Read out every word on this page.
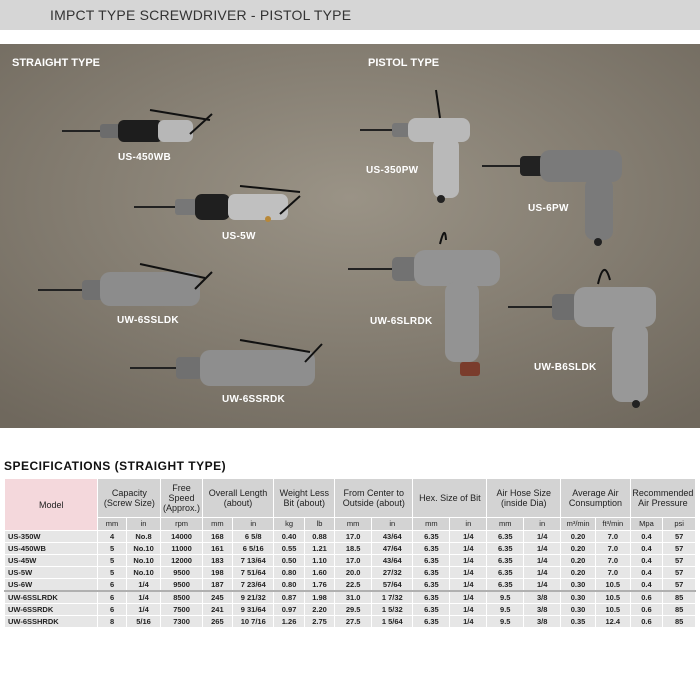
IMPCT TYPE SCREWDRIVER - PISTOL TYPE
STRAIGHT TYPE	PISTOL TYPE
US-450WB
US-5W
UW-6SSLDK
UW-6SSRDK
US-350PW
US-6PW
UW-6SLRDK
UW-B6SLDK
SPECIFICATIONS (STRAIGHT TYPE)
Model	Capacity (Screw Size)		Free Speed (Approx.)	Overall Length (about)		Weight Less Bit (about)		From Center to Outside (about)		Hex. Size of Bit		Air Hose Size (inside Dia)		Average Air Consumption		Recommended Air Pressure	
	mm	in	rpm	mm	in	kg	lb	mm	in	mm	in	mm	in	m³/min	ft³/min	Mpa	psi
US-350W	4	No.8	14000	168	6 5/8	0.40	0.88	17.0	43/64	6.35	1/4	6.35	1/4	0.20	7.0	0.4	57
US-450WB	5	No.10	11000	161	6 5/16	0.55	1.21	18.5	47/64	6.35	1/4	6.35	1/4	0.20	7.0	0.4	57
US-45W	5	No.10	12000	183	7 13/64	0.50	1.10	17.0	43/64	6.35	1/4	6.35	1/4	0.20	7.0	0.4	57
US-5W	5	No.10	9500	198	7 51/64	0.80	1.60	20.0	27/32	6.35	1/4	6.35	1/4	0.20	7.0	0.4	57
US-6W	6	1/4	9500	187	7 23/64	0.80	1.76	22.5	57/64	6.35	1/4	6.35	1/4	0.30	10.5	0.4	57
UW-6SSLRDK	6	1/4	8500	245	9 21/32	0.87	1.98	31.0	1 7/32	6.35	1/4	9.5	3/8	0.30	10.5	0.6	85
UW-6SSRDK	6	1/4	7500	241	9 31/64	0.97	2.20	29.5	1 5/32	6.35	1/4	9.5	3/8	0.30	10.5	0.6	85
UW-6SSHRDK	8	5/16	7300	265	10 7/16	1.26	2.75	27.5	1 5/64	6.35	1/4	9.5	3/8	0.35	12.4	0.6	85
